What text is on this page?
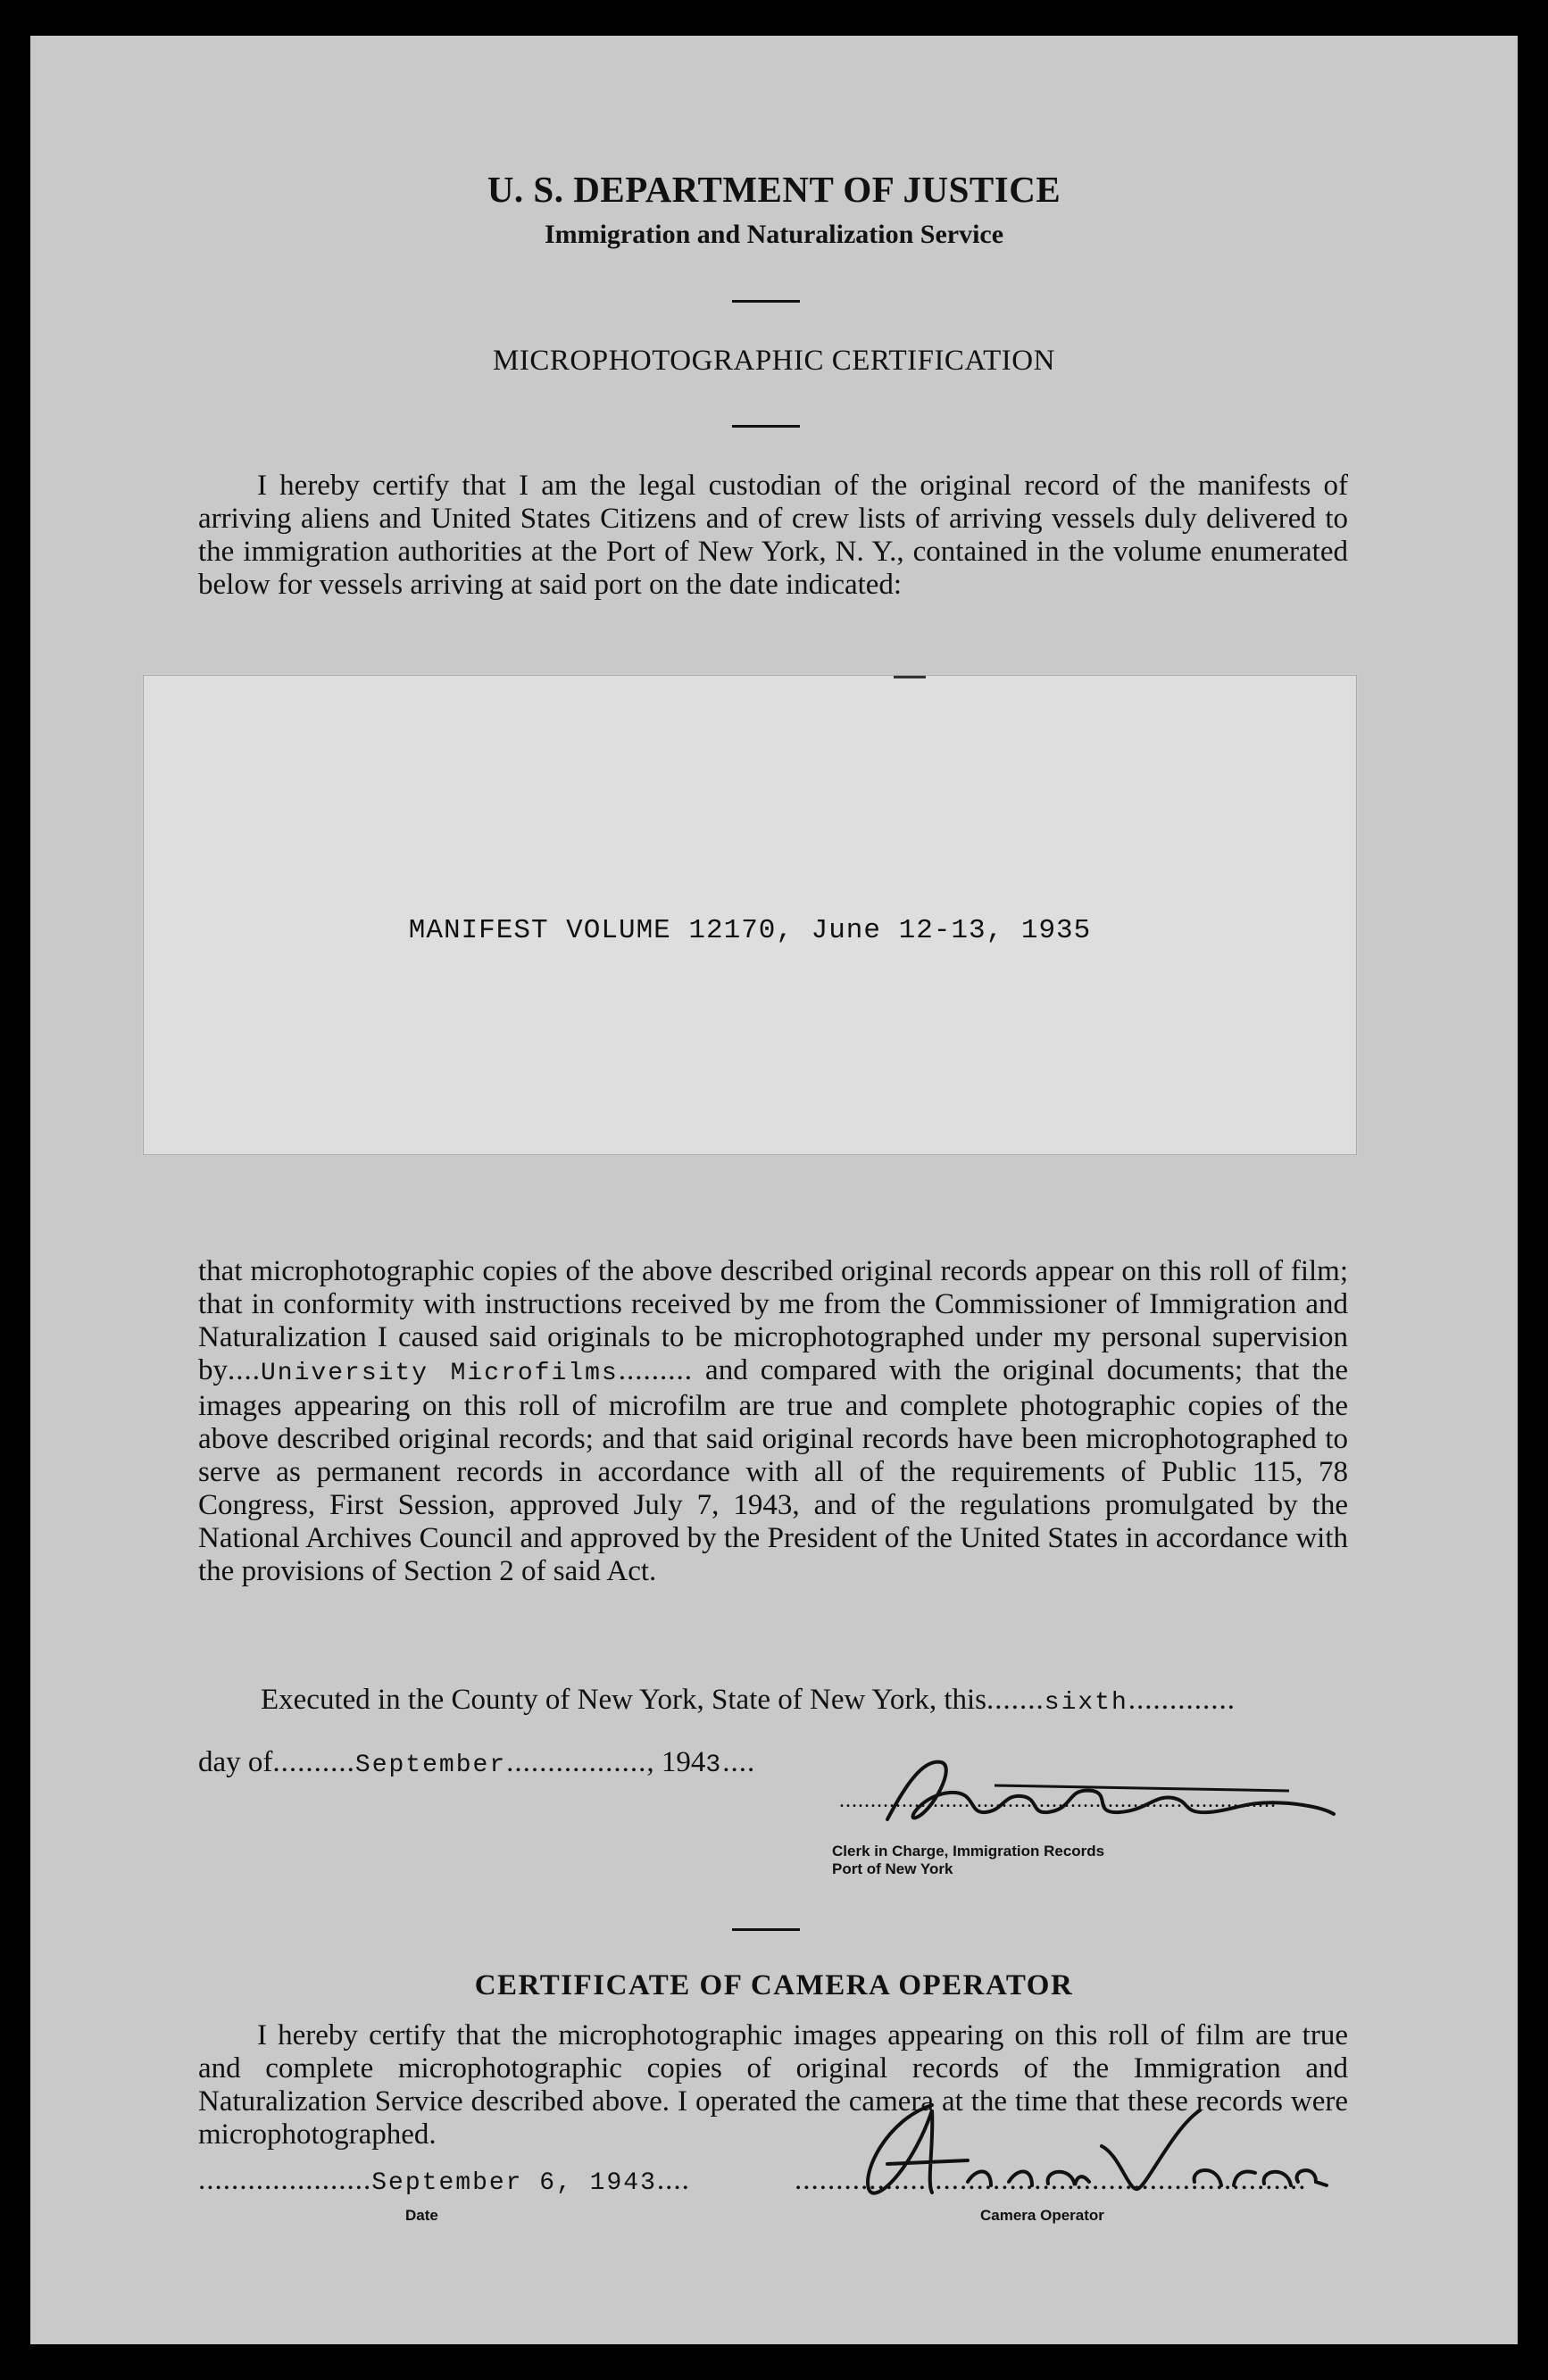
U. S. DEPARTMENT OF JUSTICE
Immigration and Naturalization Service
MICROPHOTOGRAPHIC CERTIFICATION

I hereby certify that I am the legal custodian of the original record of the manifests of arriving aliens and United States Citizens and of crew lists of arriving vessels duly delivered to the immigration authorities at the Port of New York, N. Y., contained in the volume enumerated below for vessels arriving at said port on the date indicated:

MANIFEST VOLUME 12170, June 12-13, 1935

that microphotographic copies of the above described original records appear on this roll of film; that in conformity with instructions received by me from the Commissioner of Immigration and Naturalization I caused said originals to be microphotographed under my personal supervision by....University Microfilms......... and compared with the original documents; that the images appearing on this roll of microfilm are true and complete photographic copies of the above described original records; and that said original records have been microphotographed to serve as permanent records in accordance with all of the requirements of Public 115, 78 Congress, First Session, approved July 7, 1943, and of the regulations promulgated by the National Archives Council and approved by the President of the United States in accordance with the provisions of Section 2 of said Act.

Executed in the County of New York, State of New York, this.......sixth.............
day of..........September................., 1943....
......................................................................
Clerk in Charge, Immigration Records
Port of New York
CERTIFICATE OF CAMERA OPERATOR

I hereby certify that the microphotographic images appearing on this roll of film are true and complete microphotographic copies of original records of the Immigration and Naturalization Service described above. I operated the camera at the time that these records were microphotographed.

.....................September 6, 1943....
Date
..............................................................
Camera Operator
